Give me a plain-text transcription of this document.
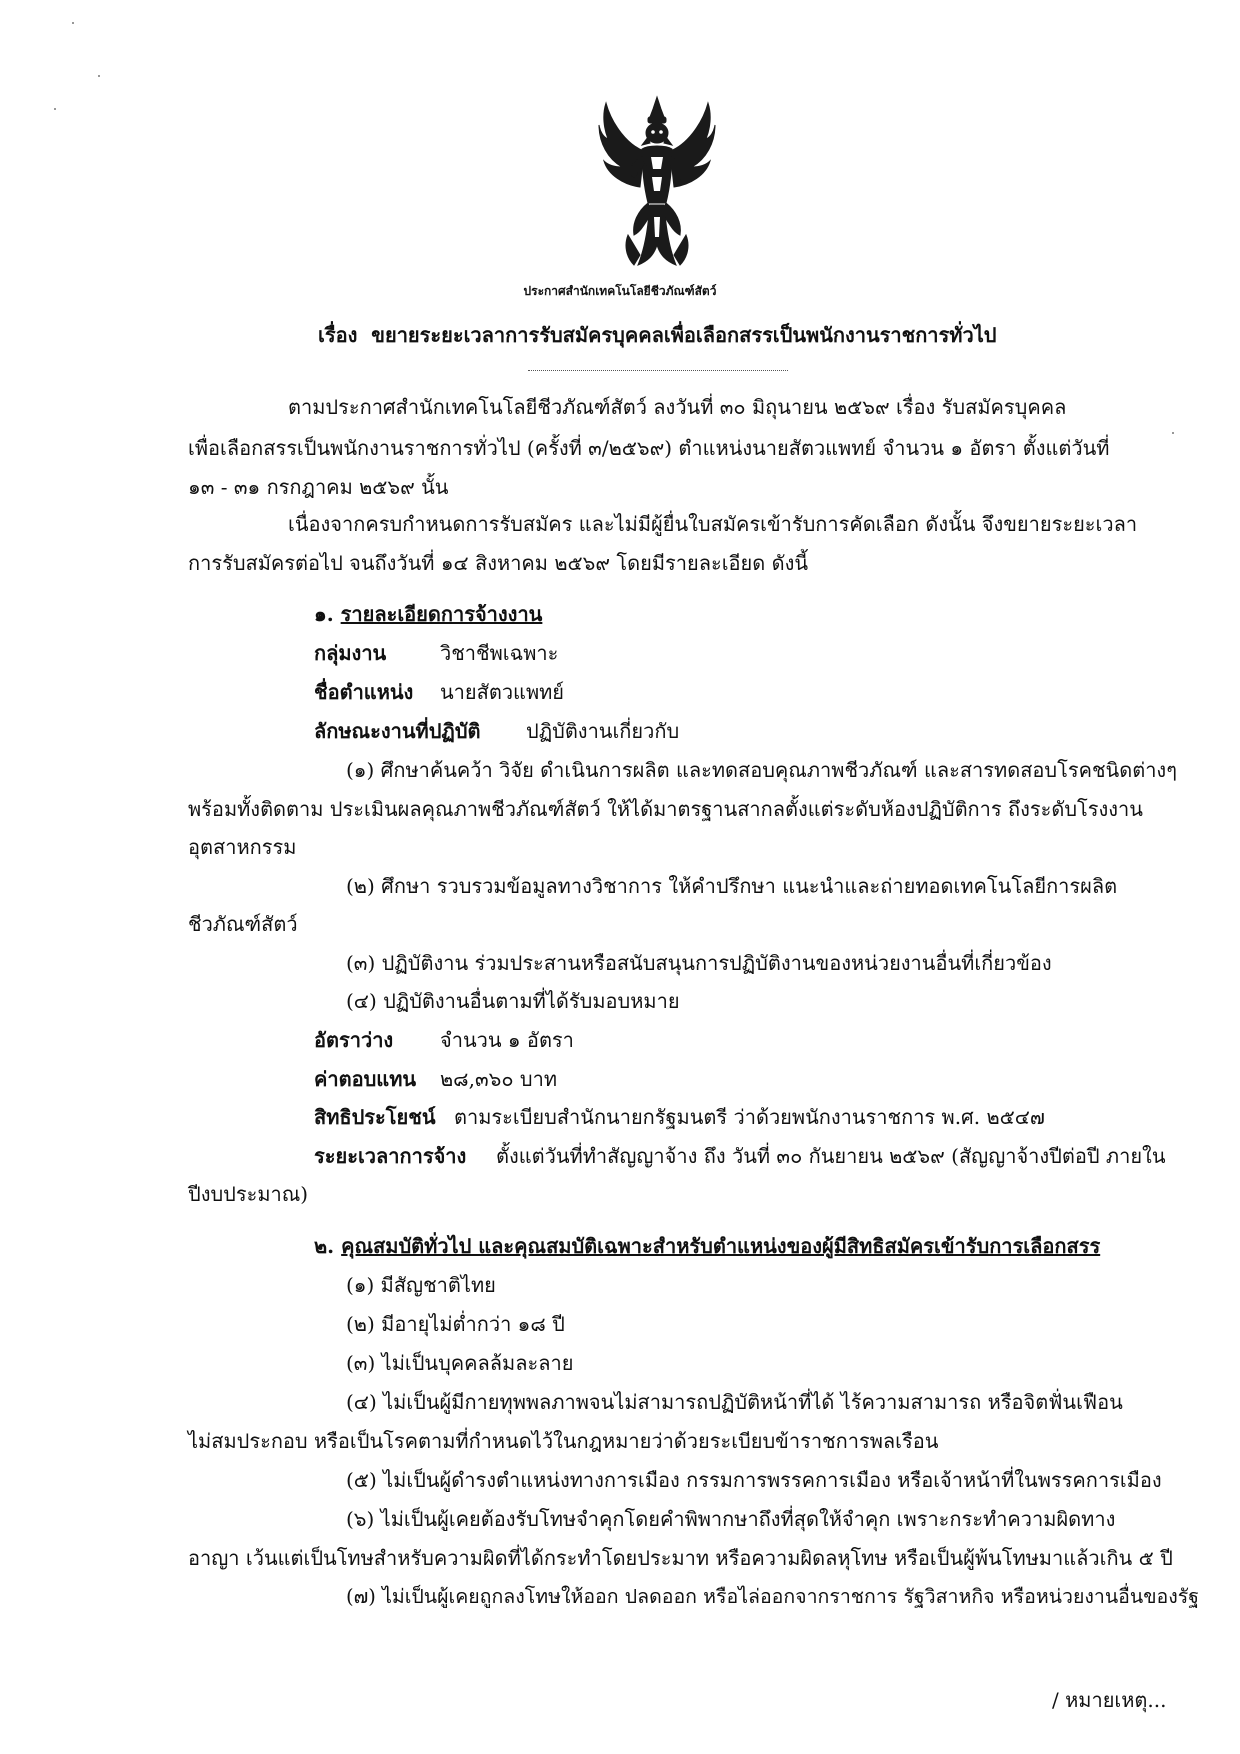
ประกาศสำนักเทคโนโลยีชีวภัณฑ์สัตว์
เรื่อง ขยายระยะเวลาการรับสมัครบุคคลเพื่อเลือกสรรเป็นพนักงานราชการทั่วไป
ตามประกาศสำนักเทคโนโลยีชีวภัณฑ์สัตว์ ลงวันที่ ๓๐ มิถุนายน ๒๕๖๙ เรื่อง รับสมัครบุคคล
เพื่อเลือกสรรเป็นพนักงานราชการทั่วไป (ครั้งที่ ๓/๒๕๖๙) ตำแหน่งนายสัตวแพทย์ จำนวน ๑ อัตรา ตั้งแต่วันที่
๑๓ - ๓๑ กรกฎาคม ๒๕๖๙ นั้น
เนื่องจากครบกำหนดการรับสมัคร และไม่มีผู้ยื่นใบสมัครเข้ารับการคัดเลือก ดังนั้น จึงขยายระยะเวลา
การรับสมัครต่อไป จนถึงวันที่ ๑๔ สิงหาคม ๒๕๖๙ โดยมีรายละเอียด ดังนี้
๑. รายละเอียดการจ้างงาน
กลุ่มงาน	วิชาชีพเฉพาะ
ชื่อตำแหน่ง นายสัตวแพทย์
ลักษณะงานที่ปฏิบัติ ปฏิบัติงานเกี่ยวกับ
(๑) ศึกษาค้นคว้า วิจัย ดำเนินการผลิต และทดสอบคุณภาพชีวภัณฑ์ และสารทดสอบโรคชนิดต่างๆ
พร้อมทั้งติดตาม ประเมินผลคุณภาพชีวภัณฑ์สัตว์ ให้ได้มาตรฐานสากลตั้งแต่ระดับห้องปฏิบัติการ ถึงระดับโรงงาน
อุตสาหกรรม
(๒) ศึกษา รวบรวมข้อมูลทางวิชาการ ให้คำปรึกษา แนะนำและถ่ายทอดเทคโนโลยีการผลิต
ชีวภัณฑ์สัตว์
(๓) ปฏิบัติงาน ร่วมประสานหรือสนับสนุนการปฏิบัติงานของหน่วยงานอื่นที่เกี่ยวข้อง
(๔) ปฏิบัติงานอื่นตามที่ได้รับมอบหมาย
อัตราว่าง จำนวน ๑ อัตรา
ค่าตอบแทน ๒๘,๓๖๐ บาท
สิทธิประโยชน์ ตามระเบียบสำนักนายกรัฐมนตรี ว่าด้วยพนักงานราชการ พ.ศ. ๒๕๔๗
ระยะเวลาการจ้าง ตั้งแต่วันที่ทำสัญญาจ้าง ถึง วันที่ ๓๐ กันยายน ๒๕๖๙ (สัญญาจ้างปีต่อปี ภายใน
ปีงบประมาณ)
๒. คุณสมบัติทั่วไป และคุณสมบัติเฉพาะสำหรับตำแหน่งของผู้มีสิทธิสมัครเข้ารับการเลือกสรร
(๑) มีสัญชาติไทย
(๒) มีอายุไม่ต่ำกว่า ๑๘ ปี
(๓) ไม่เป็นบุคคลล้มละลาย
(๔) ไม่เป็นผู้มีกายทุพพลภาพจนไม่สามารถปฏิบัติหน้าที่ได้ ไร้ความสามารถ หรือจิตฟั่นเฟือน
ไม่สมประกอบ หรือเป็นโรคตามที่กำหนดไว้ในกฎหมายว่าด้วยระเบียบข้าราชการพลเรือน
(๕) ไม่เป็นผู้ดำรงตำแหน่งทางการเมือง กรรมการพรรคการเมือง หรือเจ้าหน้าที่ในพรรคการเมือง
(๖) ไม่เป็นผู้เคยต้องรับโทษจำคุกโดยคำพิพากษาถึงที่สุดให้จำคุก เพราะกระทำความผิดทาง
อาญา เว้นแต่เป็นโทษสำหรับความผิดที่ได้กระทำโดยประมาท หรือความผิดลหุโทษ หรือเป็นผู้พ้นโทษมาแล้วเกิน ๕ ปี
(๗) ไม่เป็นผู้เคยถูกลงโทษให้ออก ปลดออก หรือไล่ออกจากราชการ รัฐวิสาหกิจ หรือหน่วยงานอื่นของรัฐ
/ หมายเหตุ...
